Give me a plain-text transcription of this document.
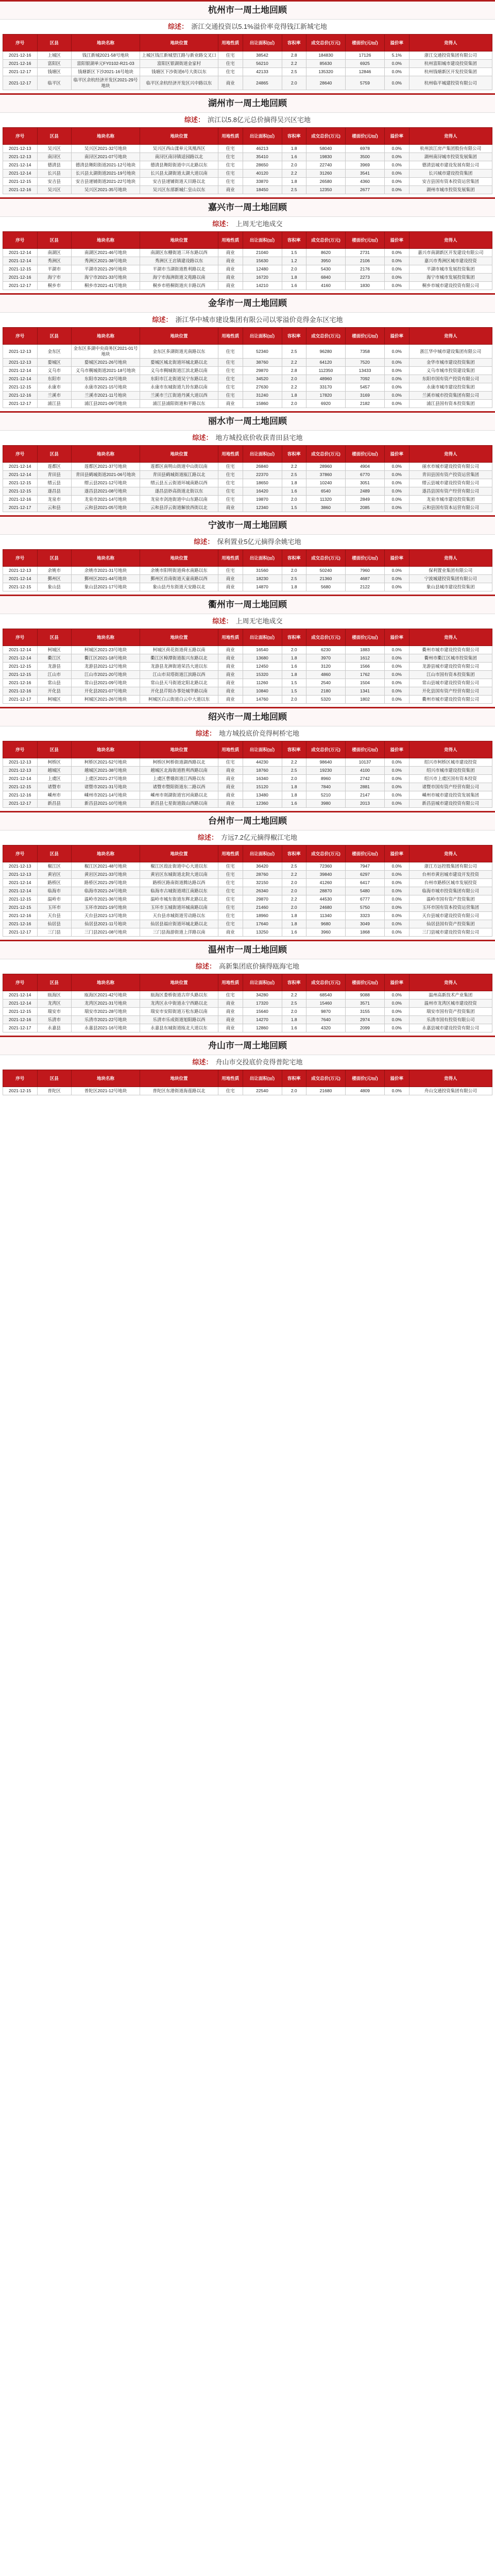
杭州市一周土地回顾
综述： 浙江交通投资以5.1%溢价率竞得钱江新城宅地
序号	区县	地块名称	地块位置	用地性质	出让面积(㎡)	容积率	成交总价(万元)	楼面价(元/㎡)	溢价率	竞得人
2021-12-16	上城区	钱江新城2021-58号地块	上城区钱江新城望江路与新业路交叉口	住宅	38542	2.8	184830	17126	5.1%	浙江交通投资集团有限公司
2021-12-16	富阳区	富阳银湖单元FY0102-R21-03	富阳区银湖街道金家村	住宅	56210	2.2	85630	6925	0.0%	杭州富阳城市建设投资集团
2021-12-17	钱塘区	钱塘新区下沙2021-16号地块	钱塘区下沙街道6号大街以东	住宅	42133	2.5	135320	12846	0.0%	杭州钱塘新区开发投资集团
2021-12-17	临平区	临平区余杭经济开发区2021-29号地块	临平区余杭经济开发区兴中路以东	商业	24865	2.0	28640	5759	0.0%	杭州临平城建投资有限公司
湖州市一周土地回顾
综述： 滨江以5.8亿元总价摘得吴兴区宅地
序号	区县	地块名称	地块位置	用地性质	出让面积(㎡)	容积率	成交总价(万元)	楼面价(元/㎡)	溢价率	竞得人
2021-12-13	吴兴区	吴兴区2021-32号地块	吴兴区西山漾单元凤凰西区	住宅	46213	1.8	58040	6978	0.0%	杭州滨江房产集团股份有限公司
2021-12-13	南浔区	南浔区2021-07号地块	南浔区南浔镇适园路以北	住宅	35410	1.6	19830	3500	0.0%	湖州南浔城市投资发展集团
2021-12-14	德清县	德清县舞阳街道2021-12号地块	德清县舞阳街道中兴北路以东	住宅	28650	2.0	22740	3969	0.0%	德清县城市建设发展有限公司
2021-12-14	长兴县	长兴县太湖街道2021-19号地块	长兴县太湖街道太湖大道以南	住宅	40120	2.2	31260	3541	0.0%	长兴城市建设投资集团
2021-12-15	安吉县	安吉县递铺街道2021-22号地块	安吉县递铺街道天目路以北	住宅	33870	1.8	26580	4360	0.0%	安吉县国有资本投资运营集团
2021-12-16	吴兴区	吴兴区2021-35号地块	吴兴区东部新城仁皇山以东	商业	18450	2.5	12350	2677	0.0%	湖州市城市投资发展集团
嘉兴市一周土地回顾
综述： 上周无宅地成交
序号	区县	地块名称	地块位置	用地性质	出让面积(㎡)	容积率	成交总价(万元)	楼面价(元/㎡)	溢价率	竞得人
2021-12-14	南湖区	南湖区2021-46号地块	南湖区东栅街道三环东路以西	商业	21040	1.5	8620	2731	0.0%	嘉兴市南湖新区开发建设有限公司
2021-12-14	秀洲区	秀洲区2021-38号地块	秀洲区王店镇建设路以东	商业	15630	1.2	3950	2106	0.0%	嘉兴市秀洲区城市建设投资
2021-12-15	平湖市	平湖市2021-29号地块	平湖市当湖街道胜利路以北	商业	12480	2.0	5430	2176	0.0%	平湖市城市发展投资集团
2021-12-16	海宁市	海宁市2021-33号地块	海宁市海洲街道文苑路以南	商业	16720	1.8	6840	2273	0.0%	海宁市城市发展投资集团
2021-12-17	桐乡市	桐乡市2021-41号地块	桐乡市梧桐街道庆丰路以西	商业	14210	1.6	4160	1830	0.0%	桐乡市城市建设投资有限公司
金华市一周土地回顾
综述： 浙江华中城市建设集团有限公司以零溢价竞得金东区宅地
序号	区县	地块名称	地块位置	用地性质	出让面积(㎡)	容积率	成交总价(万元)	楼面价(元/㎡)	溢价率	竞得人
2021-12-13	金东区	金东区多湖中央商务区2021-01号地块	金东区多湖街道光南路以东	住宅	52340	2.5	96280	7358	0.0%	浙江华中城市建设集团有限公司
2021-12-13	婺城区	婺城区2021-26号地块	婺城区城北街道环城北路以北	住宅	38760	2.2	64120	7520	0.0%	金华市城市建设投资集团
2021-12-14	义乌市	义乌市稠城街道2021-18号地块	义乌市稠城街道江滨北路以南	住宅	29870	2.8	112350	13433	0.0%	义乌市城市投资建设集团
2021-12-14	东阳市	东阳市2021-22号地块	东阳市江北街道吴宁东路以北	住宅	34520	2.0	48960	7092	0.0%	东阳市国有资产投资有限公司
2021-12-15	永康市	永康市2021-15号地块	永康市东城街道九铃东路以南	住宅	27630	2.2	33170	5457	0.0%	永康市城市建设投资集团
2021-12-16	兰溪市	兰溪市2021-11号地块	兰溪市兰江街道丹溪大道以西	住宅	31240	1.8	17820	3169	0.0%	兰溪市城市投资集团有限公司
2021-12-17	浦江县	浦江县2021-09号地块	浦江县浦阳街道和平路以东	商业	15860	2.0	6920	2182	0.0%	浦江县国有资本投资集团
丽水市一周土地回顾
综述： 地方城投底价收获青田县宅地
序号	区县	地块名称	地块位置	用地性质	出让面积(㎡)	容积率	成交总价(万元)	楼面价(元/㎡)	溢价率	竞得人
2021-12-14	莲都区	莲都区2021-37号地块	莲都区南明山街道中山街以南	住宅	26840	2.2	28960	4904	0.0%	丽水市城市建设投资有限公司
2021-12-14	青田县	青田县鹤城街道2021-06号地块	青田县鹤城街道瓯江路以北	住宅	22370	2.5	37860	6770	0.0%	青田县国有资产投资运营集团
2021-12-15	缙云县	缙云县2021-12号地块	缙云县五云街道环城南路以西	住宅	18650	1.8	10240	3051	0.0%	缙云县城市建设投资有限公司
2021-12-15	遂昌县	遂昌县2021-08号地块	遂昌县妙高街道北街以东	住宅	16420	1.6	6540	2489	0.0%	遂昌县国有资产经营有限公司
2021-12-16	龙泉市	龙泉市2021-14号地块	龙泉市剑池街道中山东路以南	住宅	19870	2.0	11320	2849	0.0%	龙泉市城市建设投资集团
2021-12-17	云和县	云和县2021-05号地块	云和县浮云街道解放西街以北	商业	12340	1.5	3860	2085	0.0%	云和县国有资本运营有限公司
宁波市一周土地回顾
综述： 保利置业5亿元摘得余姚宅地
序号	区县	地块名称	地块位置	用地性质	出让面积(㎡)	容积率	成交总价(万元)	楼面价(元/㎡)	溢价率	竞得人
2021-12-13	余姚市	余姚市2021-31号地块	余姚市阳明街道舜水南路以东	住宅	31560	2.0	50240	7960	0.0%	保利置业集团有限公司
2021-12-14	鄞州区	鄞州区2021-44号地块	鄞州区首南街道天童南路以西	商业	18230	2.5	21360	4687	0.0%	宁波城建投资集团有限公司
2021-12-15	象山县	象山县2021-17号地块	象山县丹东街道天安路以北	商业	14870	1.8	5680	2122	0.0%	象山县城市建设投资集团
衢州市一周土地回顾
综述： 上周无宅地成交
序号	区县	地块名称	地块位置	用地性质	出让面积(㎡)	容积率	成交总价(万元)	楼面价(元/㎡)	溢价率	竞得人
2021-12-14	柯城区	柯城区2021-23号地块	柯城区荷花街道荷五路以南	商业	16540	2.0	6230	1883	0.0%	衢州市城市建设投资有限公司
2021-12-14	衢江区	衢江区2021-18号地块	衢江区樟潭街道振兴东路以北	商业	13680	1.8	3970	1612	0.0%	衢州市衢江区城市投资集团
2021-12-15	龙游县	龙游县2021-12号地块	龙游县龙洲街道荣昌大道以东	商业	12450	1.6	3120	1566	0.0%	龙游县城市建设投资有限公司
2021-12-15	江山市	江山市2021-20号地块	江山市双塔街道江滨路以西	商业	15320	1.8	4860	1762	0.0%	江山市国有资本投资集团
2021-12-16	常山县	常山县2021-09号地块	常山县天马街道定阳北路以北	商业	11260	1.5	2540	1504	0.0%	常山县城市建设投资有限公司
2021-12-16	开化县	开化县2021-07号地块	开化县芹阳办事处城华路以南	商业	10840	1.5	2180	1341	0.0%	开化县国有资产经营有限公司
2021-12-17	柯城区	柯城区2021-26号地块	柯城区白云街道白云中大道以东	商业	14760	2.0	5320	1802	0.0%	衢州市城市建设投资有限公司
绍兴市一周土地回顾
综述： 地方城投底价竞得柯桥宅地
序号	区县	地块名称	地块位置	用地性质	出让面积(㎡)	容积率	成交总价(万元)	楼面价(元/㎡)	溢价率	竞得人
2021-12-13	柯桥区	柯桥区2021-52号地块	柯桥区柯桥街道湖西路以北	住宅	44230	2.2	98640	10137	0.0%	绍兴市柯桥区城市建设投资
2021-12-13	越城区	越城区2021-38号地块	越城区北海街道胜利西路以南	商业	18760	2.5	19230	4100	0.0%	绍兴市城市建设投资集团
2021-12-14	上虞区	上虞区2021-27号地块	上虞区曹娥街道江西路以东	商业	16340	2.0	8960	2742	0.0%	绍兴市上虞区国有资本投资
2021-12-15	诸暨市	诸暨市2021-31号地块	诸暨市暨阳街道东二路以西	商业	15120	1.8	7840	2881	0.0%	诸暨市国有资产经营有限公司
2021-12-16	嵊州市	嵊州市2021-14号地块	嵊州市剡湖街道官河南路以北	商业	13480	1.8	5210	2147	0.0%	嵊州市城市建设投资发展集团
2021-12-17	新昌县	新昌县2021-10号地块	新昌县七星街道鼓山西路以南	商业	12360	1.6	3980	2013	0.0%	新昌县城市建设投资有限公司
台州市一周土地回顾
综述： 方远7.2亿元摘得椒江宅地
序号	区县	地块名称	地块位置	用地性质	出让面积(㎡)	容积率	成交总价(万元)	楼面价(元/㎡)	溢价率	竞得人
2021-12-13	椒江区	椒江区2021-48号地块	椒江区葭沚街道中心大道以东	住宅	36420	2.5	72360	7947	0.0%	浙江方远控股集团有限公司
2021-12-13	黄岩区	黄岩区2021-33号地块	黄岩区东城街道北院大道以南	住宅	28760	2.2	39840	6297	0.0%	台州市黄岩城市建设开发投资
2021-12-14	路桥区	路桥区2021-29号地块	路桥区路南街道腾达路以西	住宅	32150	2.0	41260	6417	0.0%	台州市路桥区城市发展投资
2021-12-14	临海市	临海市2021-24号地块	临海市古城街道靖江南路以东	住宅	26340	2.0	28870	5480	0.0%	临海市城市投资集团有限公司
2021-12-15	温岭市	温岭市2021-36号地块	温岭市城东街道东辉北路以北	住宅	29870	2.2	44530	6777	0.0%	温岭市国有资产投资集团
2021-12-15	玉环市	玉环市2021-19号地块	玉环市玉城街道环城南路以南	住宅	21460	2.0	24680	5750	0.0%	玉环市国有资本投资运营集团
2021-12-16	天台县	天台县2021-13号地块	天台县赤城街道劳动路以东	住宅	18960	1.8	11340	3323	0.0%	天台县城市建设投资有限公司
2021-12-16	仙居县	仙居县2021-11号地块	仙居县福应街道环城北路以北	住宅	17640	1.8	9680	3049	0.0%	仙居县国有资产投资集团
2021-12-17	三门县	三门县2021-08号地块	三门县海游街道上洋路以南	商业	13250	1.6	3960	1868	0.0%	三门县城市建设投资有限公司
温州市一周土地回顾
综述： 高新集团底价摘得瓯海宅地
序号	区县	地块名称	地块位置	用地性质	出让面积(㎡)	容积率	成交总价(万元)	楼面价(元/㎡)	溢价率	竞得人
2021-12-14	瓯海区	瓯海区2021-42号地块	瓯海区娄桥街道古岸头路以东	住宅	34280	2.2	68540	9088	0.0%	温州高新技术产业集团
2021-12-14	龙湾区	龙湾区2021-31号地块	龙湾区永中街道永宁西路以北	商业	17320	2.5	15460	3571	0.0%	温州市龙湾区城市建设投资
2021-12-15	瑞安市	瑞安市2021-28号地块	瑞安市安阳街道万松东路以南	商业	15640	2.0	9870	3155	0.0%	瑞安市国有资产投资集团
2021-12-16	乐清市	乐清市2021-22号地块	乐清市乐成街道旭阳路以西	商业	14270	1.8	7640	2974	0.0%	乐清市国有投资有限公司
2021-12-17	永嘉县	永嘉县2021-16号地块	永嘉县东城街道瓯北大道以东	商业	12860	1.6	4320	2099	0.0%	永嘉县城市建设投资有限公司
舟山市一周土地回顾
综述： 舟山市交投底价竞得普陀宅地
序号	区县	地块名称	地块位置	用地性质	出让面积(㎡)	容积率	成交总价(万元)	楼面价(元/㎡)	溢价率	竞得人
2021-12-15	普陀区	普陀区2021-12号地块	普陀区东港街道海莲路以北	住宅	22540	2.0	21680	4809	0.0%	舟山交通投资集团有限公司
